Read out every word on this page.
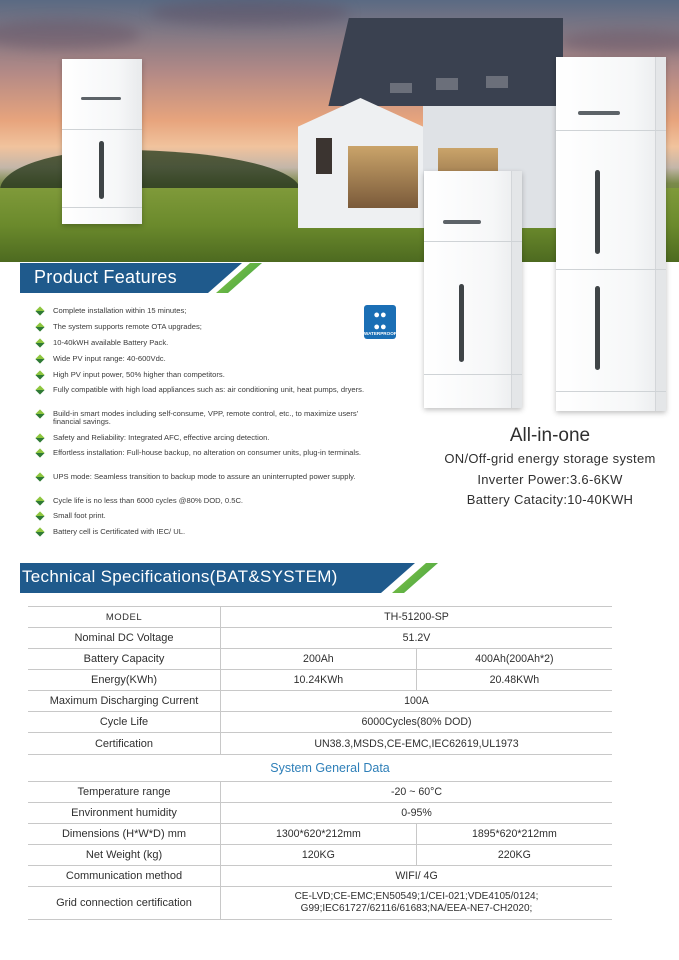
Product Features
Complete installation within 15 minutes;
The system supports remote OTA upgrades;
10-40kWH available Battery Pack.
Wide PV input range: 40-600Vdc.
High PV input power, 50% higher than competitors.
Fully compatible with high load appliances such as: air conditioning unit, heat pumps, dryers.
Build-in smart modes including self-consume, VPP, remote control, etc., to maximize users' financial savings.
Safety and Reliability: Integrated AFC, effective arcing detection.
Effortless installation: Full-house backup, no alteration on consumer units, plug-in terminals.
UPS mode: Seamless transition to backup mode to assure an uninterrupted power supply.
Cycle life is no less than 6000 cycles @80% DOD, 0.5C.
Small foot print.
Battery cell is Certificated with IEC/ UL.
●●
●●
WATERPROOF
All-in-one
ON/Off-grid energy storage system
Inverter Power:3.6-6KW
Battery Catacity:10-40KWH
Technical Specifications(BAT&SYSTEM)
MODEL	TH-51200-SP	
Nominal DC Voltage	51.2V	
Battery Capacity	200Ah	400Ah(200Ah*2)
Energy(KWh)	10.24KWh	20.48KWh
Maximum Discharging Current	100A	
Cycle Life	6000Cycles(80% DOD)	
Certification	UN38.3,MSDS,CE-EMC,IEC62619,UL1973	
System General Data		
Temperature range	-20 ~ 60°C	
Environment humidity	0-95%	
Dimensions (H*W*D) mm	1300*620*212mm	1895*620*212mm
Net Weight (kg)	120KG	220KG
Communication method	WIFI/ 4G	
Grid connection certification	CE-LVD;CE-EMC;EN50549;1/CEI-021;VDE4105/0124;
G99;IEC61727/62116/61683;NA/EEA-NE7-CH2020;	
